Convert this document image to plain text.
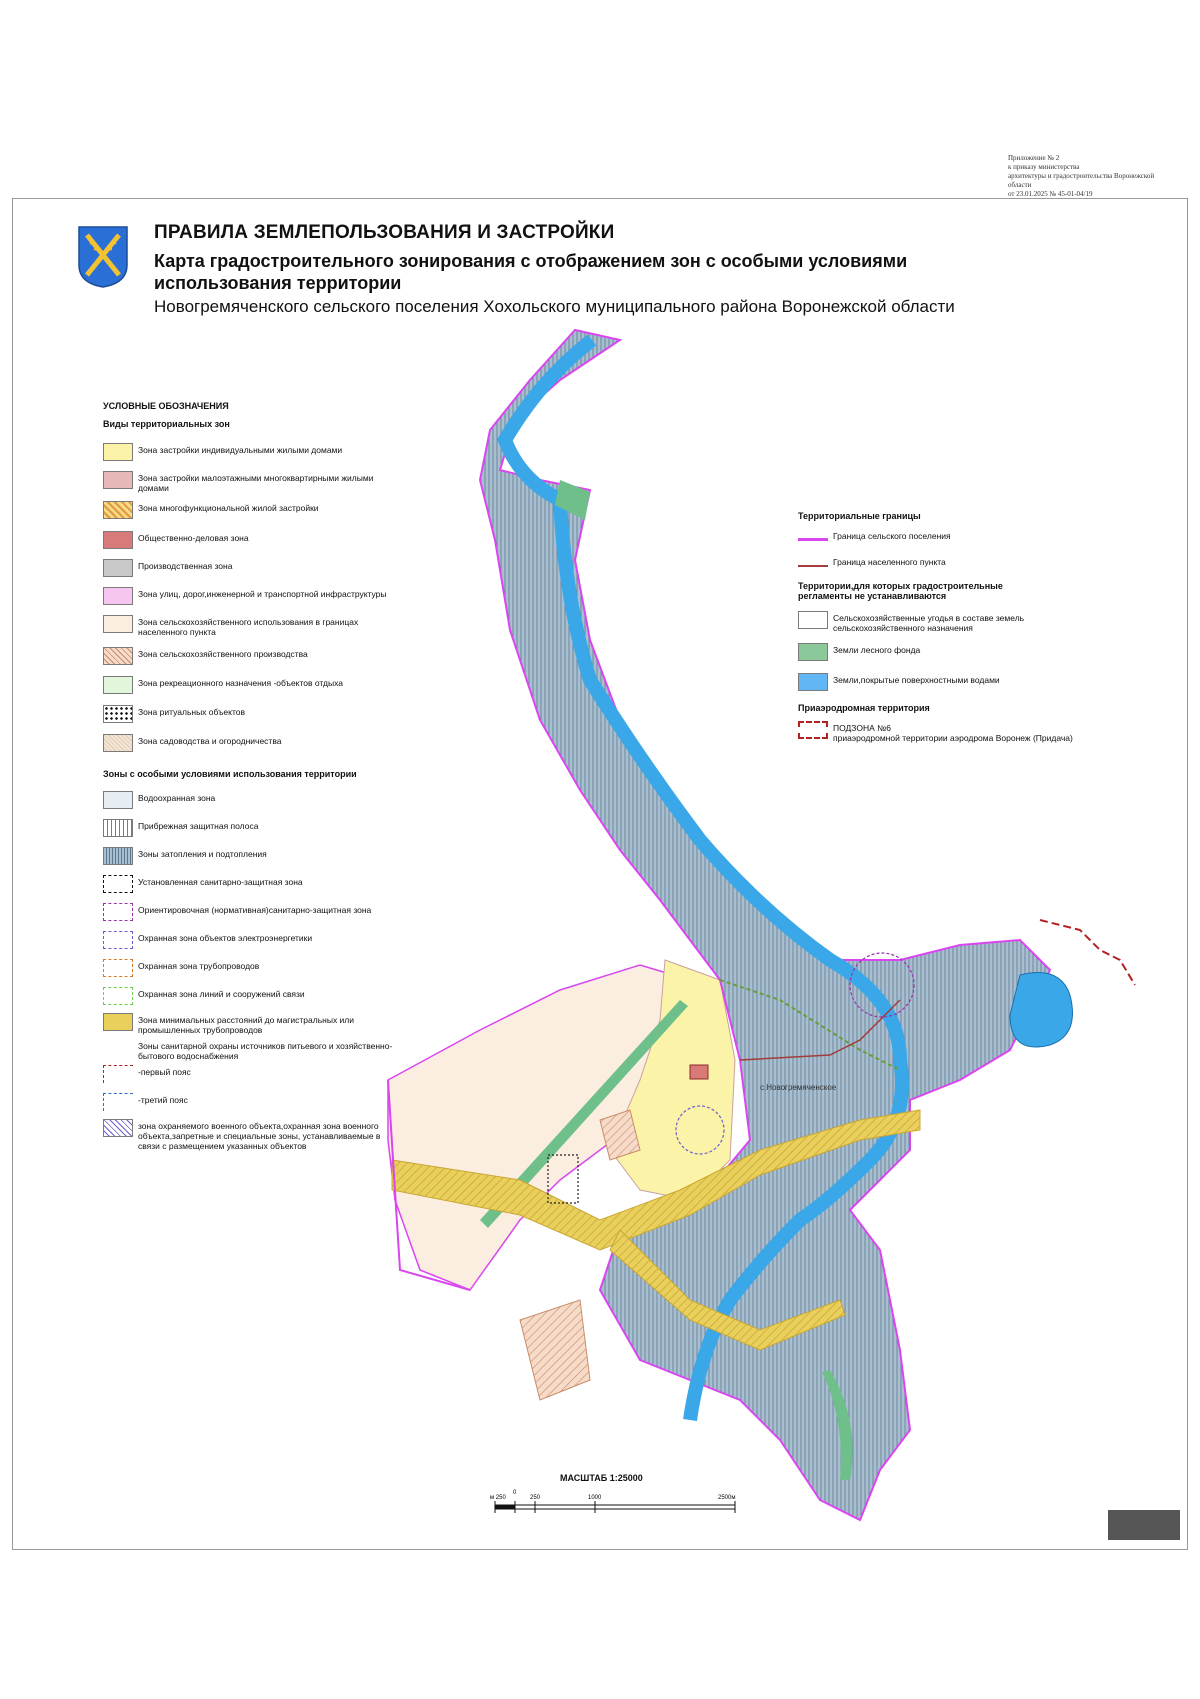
Приложение № 2
к приказу министерства
архитектуры и градостроительства Воронежской
области
от 23.01.2025 № 45-01-04/19
ПРАВИЛА ЗЕМЛЕПОЛЬЗОВАНИЯ И ЗАСТРОЙКИ
Карта градостроительного зонирования с отображением зон с особыми условиями использования территории
Новогремяченского сельского поселения Хохольского муниципального района Воронежской области
с.Новогремяченское
УСЛОВНЫЕ ОБОЗНАЧЕНИЯ
Виды территориальных зон
Зона застройки индивидуальными жилыми домами
Зона застройки малоэтажными многоквартирными жилыми домами
Зона многофункциональной жилой застройки
Общественно-деловая зона
Производственная зона
Зона улиц, дорог,инженерной и транспортной инфраструктуры
Зона сельскохозяйственного использования в границах населенного пункта
Зона сельскохозяйственного производства
Зона рекреационного назначения -объектов отдыха
Зона ритуальных объектов
Зона садоводства и огородничества
Зоны с особыми условиями использования территории
Водоохранная зона
Прибрежная защитная полоса
Зоны затопления и подтопления
Установленная санитарно-защитная зона
Ориентировочная (нормативная)санитарно-защитная зона
Охранная зона объектов электроэнергетики
Охранная зона трубопроводов
Охранная зона линий и сооружений связи
Зона минимальных расстояний до магистральных или промышленных трубопроводов
Зоны санитарной охраны источников питьевого и хозяйственно-бытового водоснабжения
-первый пояс
-третий пояс
зона охраняемого военного объекта,охранная зона военного объекта,запретные и специальные зоны, устанавливаемые в связи с размещением указанных объектов
Территориальные границы
Граница сельского поселения
Граница населенного пункта
Территории,для которых градостроительные регламенты не устанавливаются
Сельскохозяйственные угодья в составе земель сельскохозяйственного назначения
Земли лесного фонда
Земли,покрытые поверхностными водами
Приаэродромная территория
ПОДЗОНА №6
приаэродромной территории аэродрома Воронеж (Придача)
МАСШТАБ 1:25000
м 250
0
250	1000	2500м
